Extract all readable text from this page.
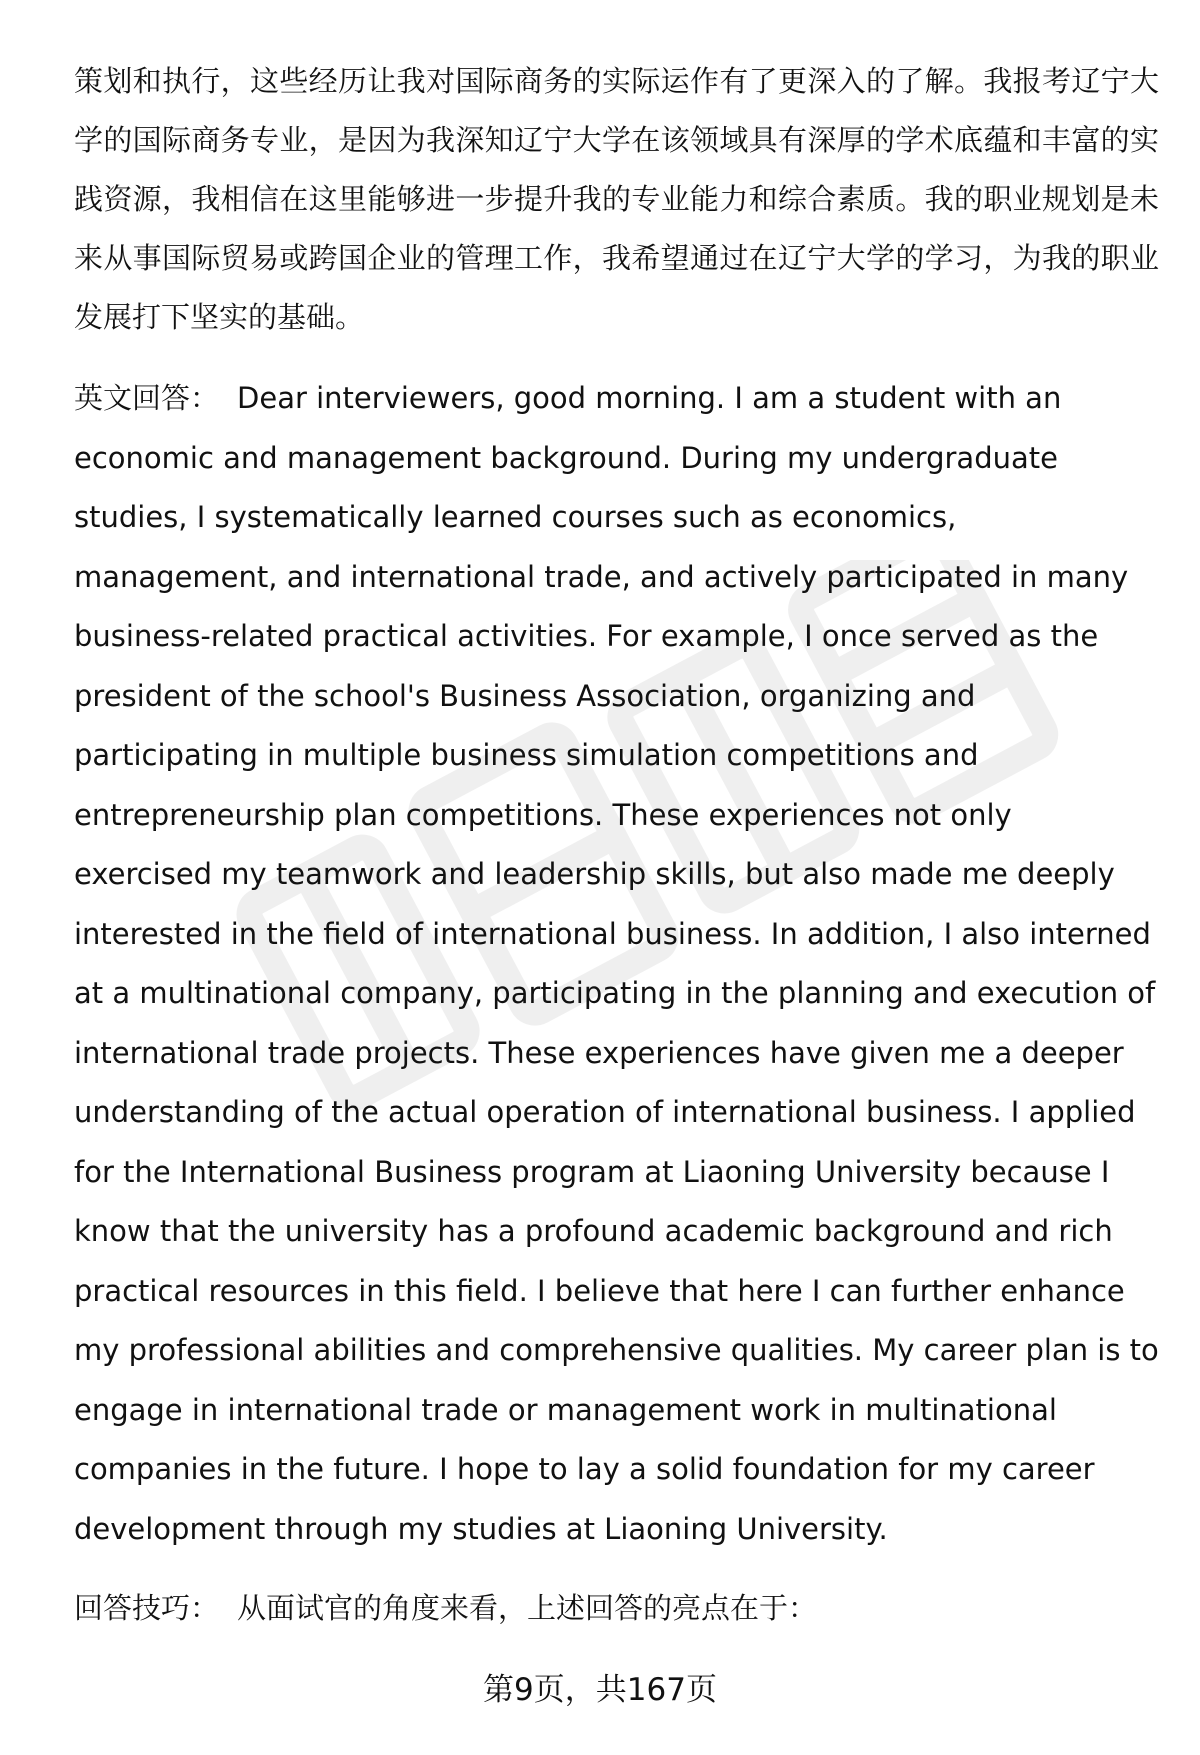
策划和执行，这些经历让我对国际商务的实际运作有了更深入的了解。我报考辽宁大学的国际商务专业，是因为我深知辽宁大学在该领域具有深厚的学术底蕴和丰富的实践资源，我相信在这里能够进一步提升我的专业能力和综合素质。我的职业规划是未来从事国际贸易或跨国企业的管理工作，我希望通过在辽宁大学的学习，为我的职业发展打下坚实的基础。

英文回答： Dear interviewers, good morning. I am a student with an economic and management background. During my undergraduate studies, I systematically learned courses such as economics, management, and international trade, and actively participated in many business-related practical activities. For example, I once served as the president of the school's Business Association, organizing and participating in multiple business simulation competitions and entrepreneurship plan competitions. These experiences not only exercised my teamwork and leadership skills, but also made me deeply interested in the field of international business. In addition, I also interned at a multinational company, participating in the planning and execution of international trade projects. These experiences have given me a deeper understanding of the actual operation of international business. I applied for the International Business program at Liaoning University because I know that the university has a profound academic background and rich practical resources in this field. I believe that here I can further enhance my professional abilities and comprehensive qualities. My career plan is to engage in international trade or management work in multinational companies in the future. I hope to lay a solid foundation for my career development through my studies at Liaoning University.

回答技巧： 从面试官的角度来看，上述回答的亮点在于：

第9页，共167页
